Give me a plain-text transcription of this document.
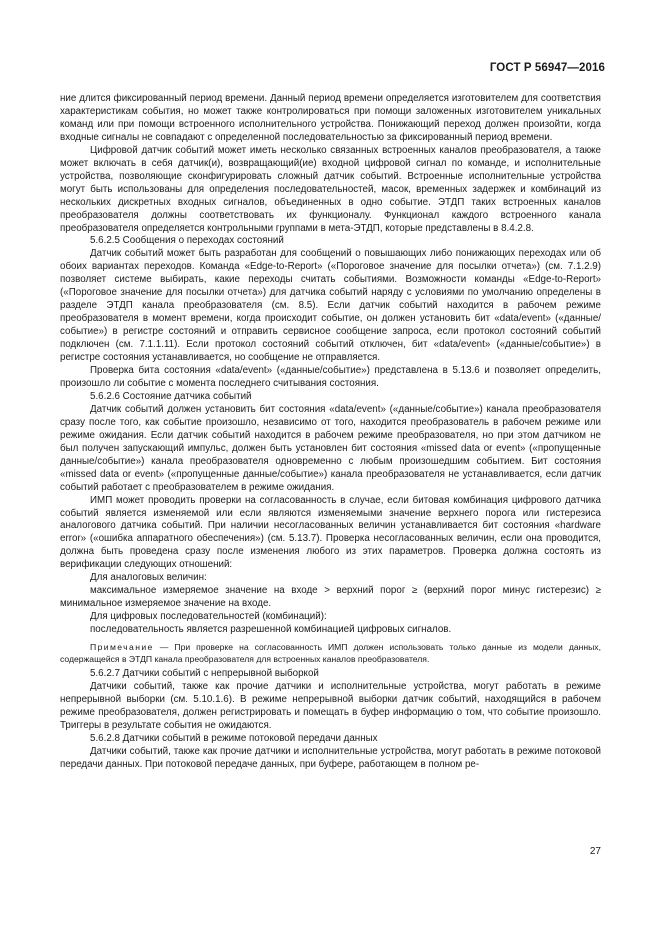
ГОСТ Р 56947—2016

ние длится фиксированный период времени. Данный период времени определяется изготовителем для соответствия характеристикам события, но может также контролироваться при помощи заложенных изготовителем уникальных команд или при помощи встроенного исполнительного устройства. Понижающий переход должен произойти, когда входные сигналы не совпадают с определенной последовательностью за фиксированный период времени.

Цифровой датчик событий может иметь несколько связанных встроенных каналов преобразователя, а также может включать в себя датчик(и), возвращающий(ие) входной цифровой сигнал по команде, и исполнительные устройства, позволяющие сконфигурировать сложный датчик событий. Встроенные исполнительные устройства могут быть использованы для определения последовательностей, масок, временных задержек и комбинаций из нескольких дискретных входных сигналов, объединенных в одно событие. ЭТДП таких встроенных каналов преобразователя должны соответствовать их функционалу. Функционал каждого встроенного канала преобразователя определяется контрольными группами в мета-ЭТДП, которые представлены в 8.4.2.8.

5.6.2.5 Сообщения о переходах состояний

Датчик событий может быть разработан для сообщений о повышающих либо понижающих переходах или об обоих вариантах переходов. Команда «Edge-to-Report» («Пороговое значение для посылки отчета») (см. 7.1.2.9) позволяет системе выбирать, какие переходы считать событиями. Возможности команды «Edge-to-Report» («Пороговое значение для посылки отчета») для датчика событий наряду с условиями по умолчанию определены в разделе ЭТДП канала преобразователя (см. 8.5). Если датчик событий находится в рабочем режиме преобразователя в момент времени, когда происходит событие, он должен установить бит «data/event» («данные/событие») в регистре состояний и отправить сервисное сообщение запроса, если протокол состояний событий подключен (см. 7.1.1.11). Если протокол состояний событий отключен, бит «data/event» («данные/событие») в регистре состояния устанавливается, но сообщение не отправляется.

Проверка бита состояния «data/event» («данные/событие») представлена в 5.13.6 и позволяет определить, произошло ли событие с момента последнего считывания состояния.

5.6.2.6 Состояние датчика событий

Датчик событий должен установить бит состояния «data/event» («данные/событие») канала преобразователя сразу после того, как событие произошло, независимо от того, находится преобразователь в рабочем режиме или режиме ожидания. Если датчик событий находится в рабочем режиме преобразователя, но при этом датчиком не был получен запускающий импульс, должен быть установлен бит состояния «missed data or event» («пропущенные данные/событие») канала преобразователя одновременно с любым произошедшим событием. Бит состояния «missed data or event» («пропущенные данные/событие») канала преобразователя не устанавливается, если датчик событий работает с преобразователем в режиме ожидания.

ИМП может проводить проверки на согласованность в случае, если битовая комбинация цифрового датчика событий является изменяемой или если являются изменяемыми значение верхнего порога или гистерезиса аналогового датчика событий. При наличии несогласованных величин устанавливается бит состояния «hardware error» («ошибка аппаратного обеспечения») (см. 5.13.7). Проверка несогласованных величин, если она проводится, должна быть проведена сразу после изменения любого из этих параметров. Проверка должна состоять из верификации следующих отношений:

Для аналоговых величин:

максимальное измеряемое значение на входе > верхний порог ≥ (верхний порог минус гистерезис) ≥ минимальное измеряемое значение на входе.

Для цифровых последовательностей (комбинаций):

последовательность является разрешенной комбинацией цифровых сигналов.

Примечание — При проверке на согласованность ИМП должен использовать только данные из модели данных, содержащейся в ЭТДП канала преобразователя для встроенных каналов преобразователя.

5.6.2.7 Датчики событий с непрерывной выборкой

Датчики событий, также как прочие датчики и исполнительные устройства, могут работать в режиме непрерывной выборки (см. 5.10.1.6). В режиме непрерывной выборки датчик событий, находящийся в рабочем режиме преобразователя, должен регистрировать и помещать в буфер информацию о том, что событие произошло. Триггеры в результате события не ожидаются.

5.6.2.8 Датчики событий в режиме потоковой передачи данных

Датчики событий, также как прочие датчики и исполнительные устройства, могут работать в режиме потоковой передачи данных. При потоковой передаче данных, при буфере, работающем в полном ре-

27
